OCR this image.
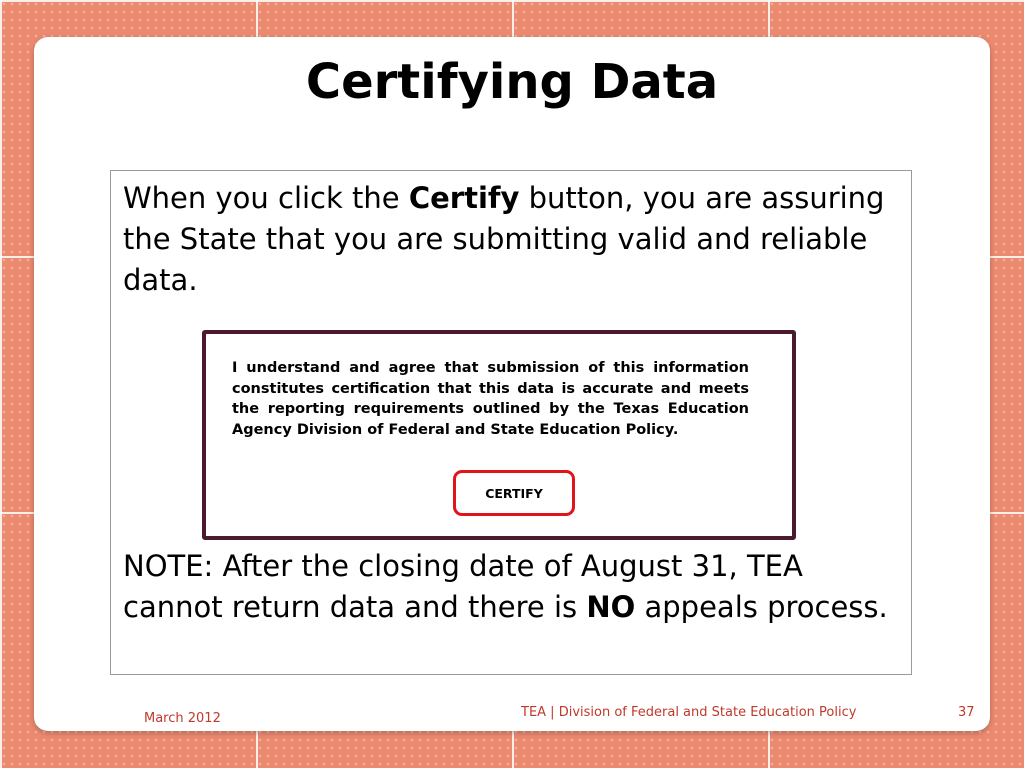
Certifying Data

When you click the Certify button, you are assuring the State that you are submitting valid and reliable data.

NOTE: After the closing date of August 31, TEA cannot return data and there is NO appeals process.

I understand and agree that submission of this information constitutes certification that this data is accurate and meets the reporting requirements outlined by the Texas Education Agency Division of Federal and State Education Policy.

CERTIFY
March 2012	TEA | Division of Federal and State Education Policy	37
